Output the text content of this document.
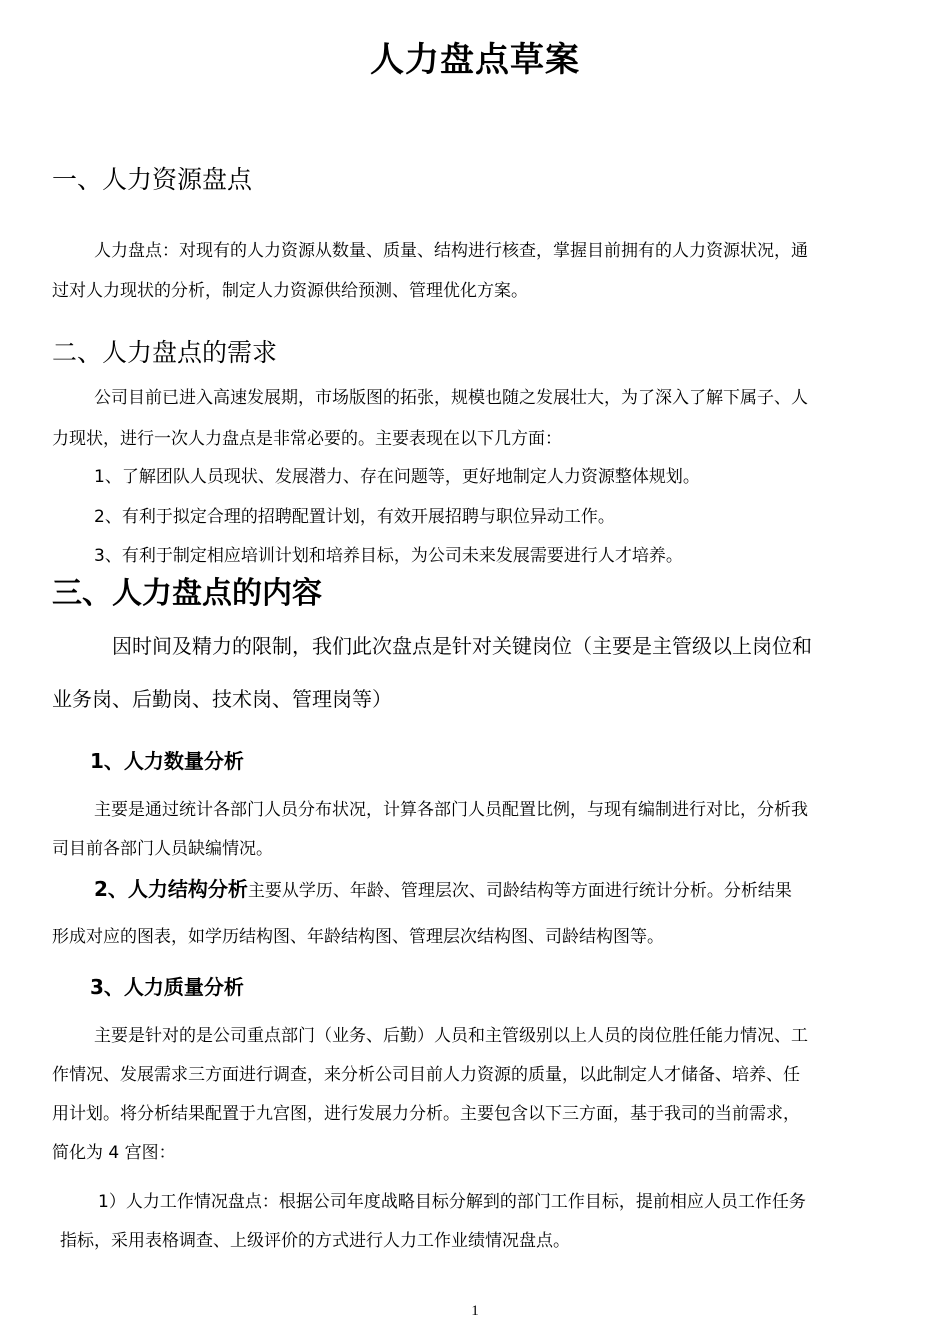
人力盘点草案
一、人力资源盘点
人力盘点：对现有的人力资源从数量、质量、结构进行核查，掌握目前拥有的人力资源状况，通
过对人力现状的分析，制定人力资源供给预测、管理优化方案。
二、人力盘点的需求
公司目前已进入高速发展期，市场版图的拓张，规模也随之发展壮大，为了深入了解下属子、人
力现状，进行一次人力盘点是非常必要的。主要表现在以下几方面：
1、了解团队人员现状、发展潜力、存在问题等，更好地制定人力资源整体规划。
2、有利于拟定合理的招聘配置计划，有效开展招聘与职位异动工作。
3、有利于制定相应培训计划和培养目标，为公司未来发展需要进行人才培养。
三、人力盘点的内容
因时间及精力的限制，我们此次盘点是针对关键岗位（主要是主管级以上岗位和
业务岗、后勤岗、技术岗、管理岗等）
1、人力数量分析
主要是通过统计各部门人员分布状况，计算各部门人员配置比例，与现有编制进行对比，分析我
司目前各部门人员缺编情况。
2、人力结构分析主要从学历、年龄、管理层次、司龄结构等方面进行统计分析。分析结果
形成对应的图表，如学历结构图、年龄结构图、管理层次结构图、司龄结构图等。
3、人力质量分析
主要是针对的是公司重点部门（业务、后勤）人员和主管级别以上人员的岗位胜任能力情况、工
作情况、发展需求三方面进行调查，来分析公司目前人力资源的质量，以此制定人才储备、培养、任
用计划。将分析结果配置于九宫图，进行发展力分析。主要包含以下三方面，基于我司的当前需求，
简化为 4 宫图：
1）人力工作情况盘点：根据公司年度战略目标分解到的部门工作目标，提前相应人员工作任务
指标，采用表格调查、上级评价的方式进行人力工作业绩情况盘点。
1
